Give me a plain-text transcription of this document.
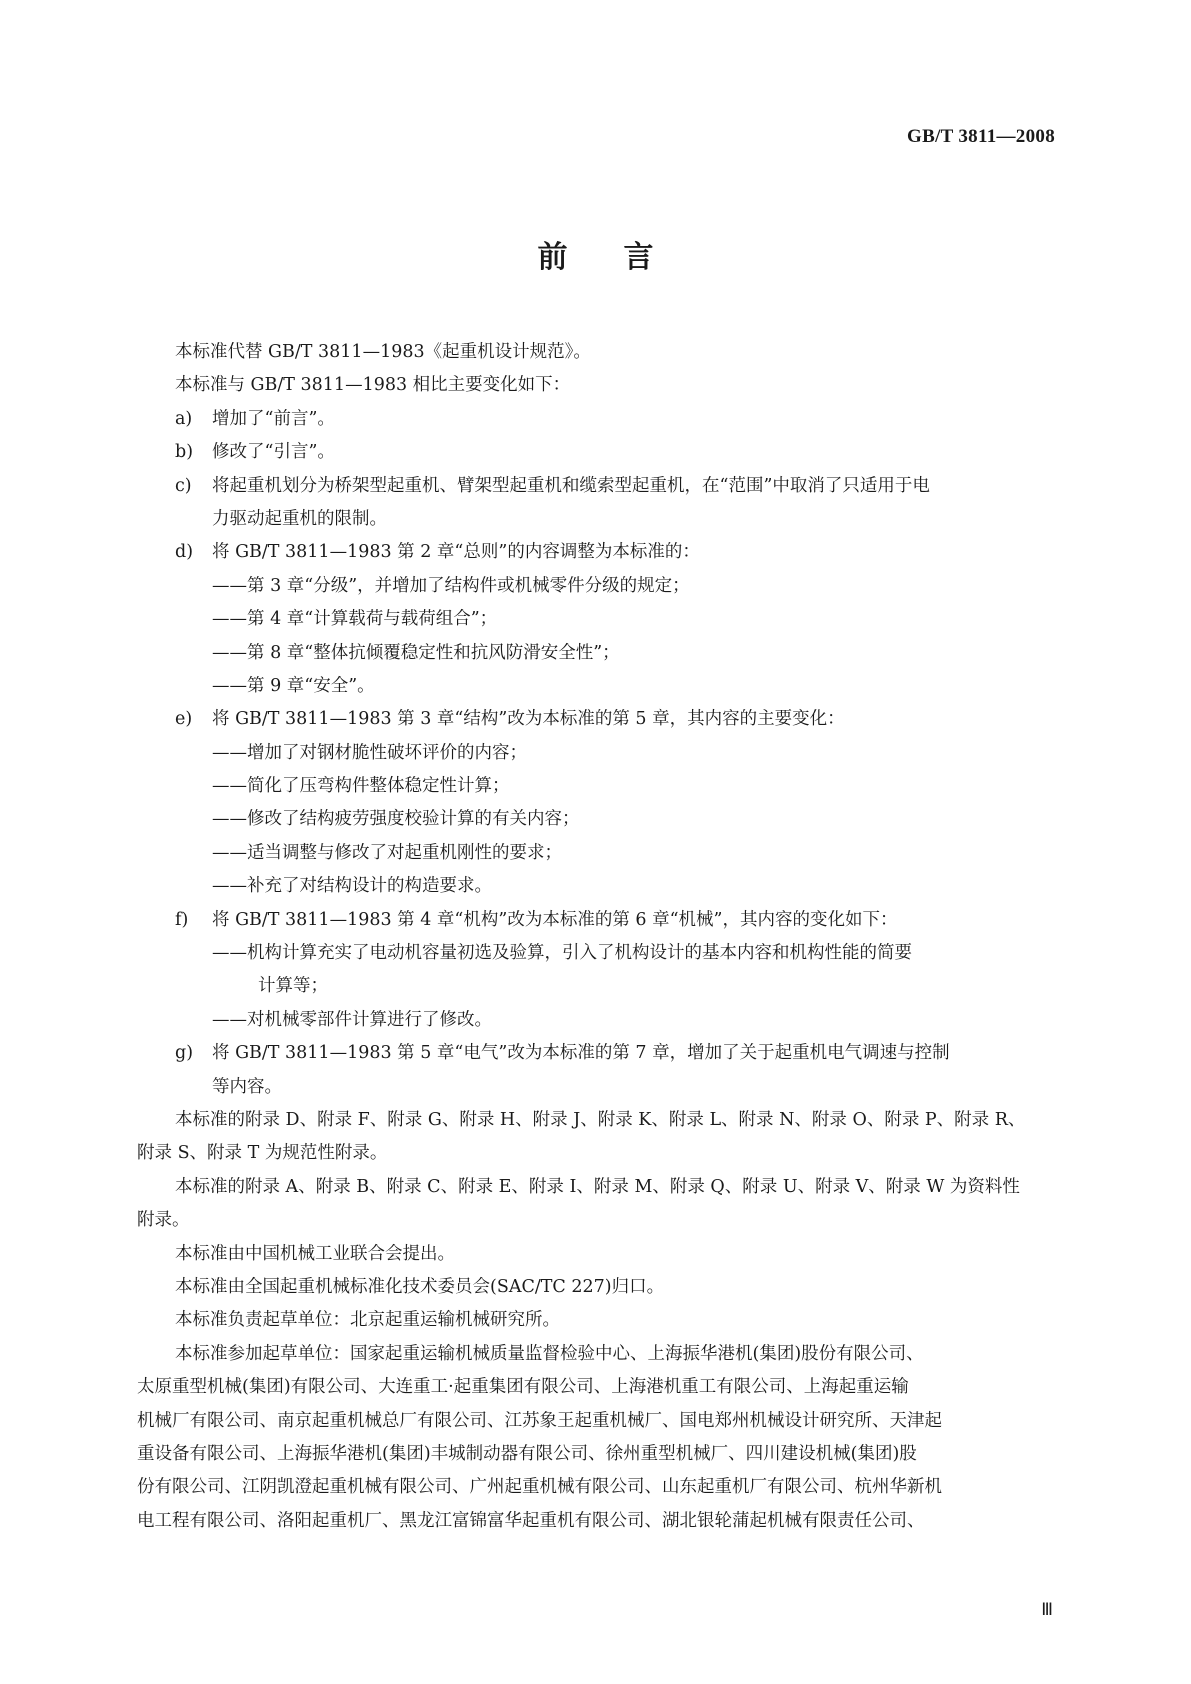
GB/T 3811—2008
前言
本标准代替 GB/T 3811—1983《起重机设计规范》。
本标准与 GB/T 3811—1983 相比主要变化如下：
a) 增加了“前言”。
b) 修改了“引言”。
c) 将起重机划分为桥架型起重机、臂架型起重机和缆索型起重机，在“范围”中取消了只适用于电
力驱动起重机的限制。
d) 将 GB/T 3811—1983 第 2 章“总则”的内容调整为本标准的：
——第 3 章“分级”，并增加了结构件或机械零件分级的规定；
——第 4 章“计算载荷与载荷组合”；
——第 8 章“整体抗倾覆稳定性和抗风防滑安全性”；
——第 9 章“安全”。
e) 将 GB/T 3811—1983 第 3 章“结构”改为本标准的第 5 章，其内容的主要变化：
——增加了对钢材脆性破坏评价的内容；
——简化了压弯构件整体稳定性计算；
——修改了结构疲劳强度校验计算的有关内容；
——适当调整与修改了对起重机刚性的要求；
——补充了对结构设计的构造要求。
f) 将 GB/T 3811—1983 第 4 章“机构”改为本标准的第 6 章“机械”，其内容的变化如下：
——机构计算充实了电动机容量初选及验算，引入了机构设计的基本内容和机构性能的简要
计算等；
——对机械零部件计算进行了修改。
g) 将 GB/T 3811—1983 第 5 章“电气”改为本标准的第 7 章，增加了关于起重机电气调速与控制
等内容。
本标准的附录 D、附录 F、附录 G、附录 H、附录 J、附录 K、附录 L、附录 N、附录 O、附录 P、附录 R、
附录 S、附录 T 为规范性附录。
本标准的附录 A、附录 B、附录 C、附录 E、附录 I、附录 M、附录 Q、附录 U、附录 V、附录 W 为资料性
附录。
本标准由中国机械工业联合会提出。
本标准由全国起重机械标准化技术委员会(SAC/TC 227)归口。
本标准负责起草单位：北京起重运输机械研究所。
本标准参加起草单位：国家起重运输机械质量监督检验中心、上海振华港机(集团)股份有限公司、
太原重型机械(集团)有限公司、大连重工·起重集团有限公司、上海港机重工有限公司、上海起重运输
机械厂有限公司、南京起重机械总厂有限公司、江苏象王起重机械厂、国电郑州机械设计研究所、天津起
重设备有限公司、上海振华港机(集团)丰城制动器有限公司、徐州重型机械厂、四川建设机械(集团)股
份有限公司、江阴凯澄起重机械有限公司、广州起重机械有限公司、山东起重机厂有限公司、杭州华新机
电工程有限公司、洛阳起重机厂、黑龙江富锦富华起重机有限公司、湖北银轮蒲起机械有限责任公司、
Ⅲ
